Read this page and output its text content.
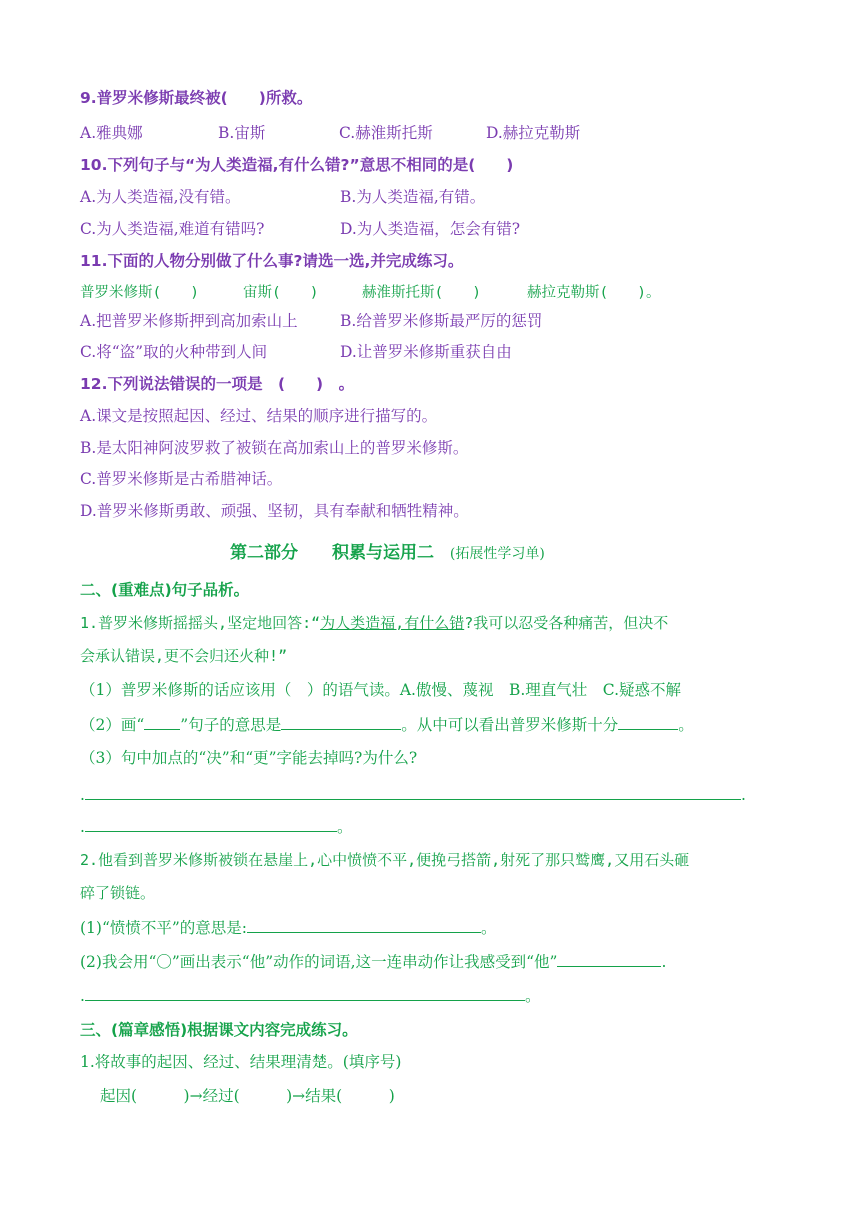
9.普罗米修斯最终被(　　)所救。
A.雅典娜	B.宙斯	C.赫淮斯托斯	D.赫拉克勒斯
10.下列句子与“为人类造福,有什么错?”意思不相同的是(　　)
A.为人类造福,没有错。	B.为人类造福,有错。
C.为人类造福,难道有错吗?	D.为人类造福，怎会有错?
11.下面的人物分别做了什么事?请选一选,并完成练习。
普罗米修斯(　　)	宙斯(　　)	赫淮斯托斯(　　)	赫拉克勒斯(　　)。
A.把普罗米修斯押到高加索山上	B.给普罗米修斯最严厉的惩罚
C.将“盗”取的火种带到人间	D.让普罗米修斯重获自由
12.下列说法错误的一项是　(　　)　。
A.课文是按照起因、经过、结果的顺序进行描写的。
B.是太阳神阿波罗救了被锁在高加索山上的普罗米修斯。
C.普罗米修斯是古希腊神话。
D.普罗米修斯勇敢、顽强、坚韧，具有奉献和牺牲精神。
第二部分　　积累与运用二 (拓展性学习单)
二、(重难点)句子品析。
1.普罗米修斯摇摇头,坚定地回答:“为人类造福,有什么错?我可以忍受各种痛苦，但决不
会承认错误,更不会归还火种!”
（1）普罗米修斯的话应该用（　）的语气读。A.傲慢、蔑视　B.理直气壮　C.疑惑不解
（2）画“ ”句子的意思是	。从中可以看出普罗米修斯十分	。
（3）句中加点的“决”和“更”字能去掉吗?为什么?
.	.
.	。
2.他看到普罗米修斯被锁在悬崖上,心中愤愤不平,便挽弓搭箭,射死了那只鹫鹰,又用石头砸
碎了锁链。
(1)“愤愤不平”的意思是:	。
(2)我会用“〇”画出表示“他”动作的词语,这一连串动作让我感受到“他”	.
.	。
三、(篇章感悟)根据课文内容完成练习。
1.将故事的起因、经过、结果理清楚。(填序号)
起因(　　　)→经过(　　　)→结果(　　　)
